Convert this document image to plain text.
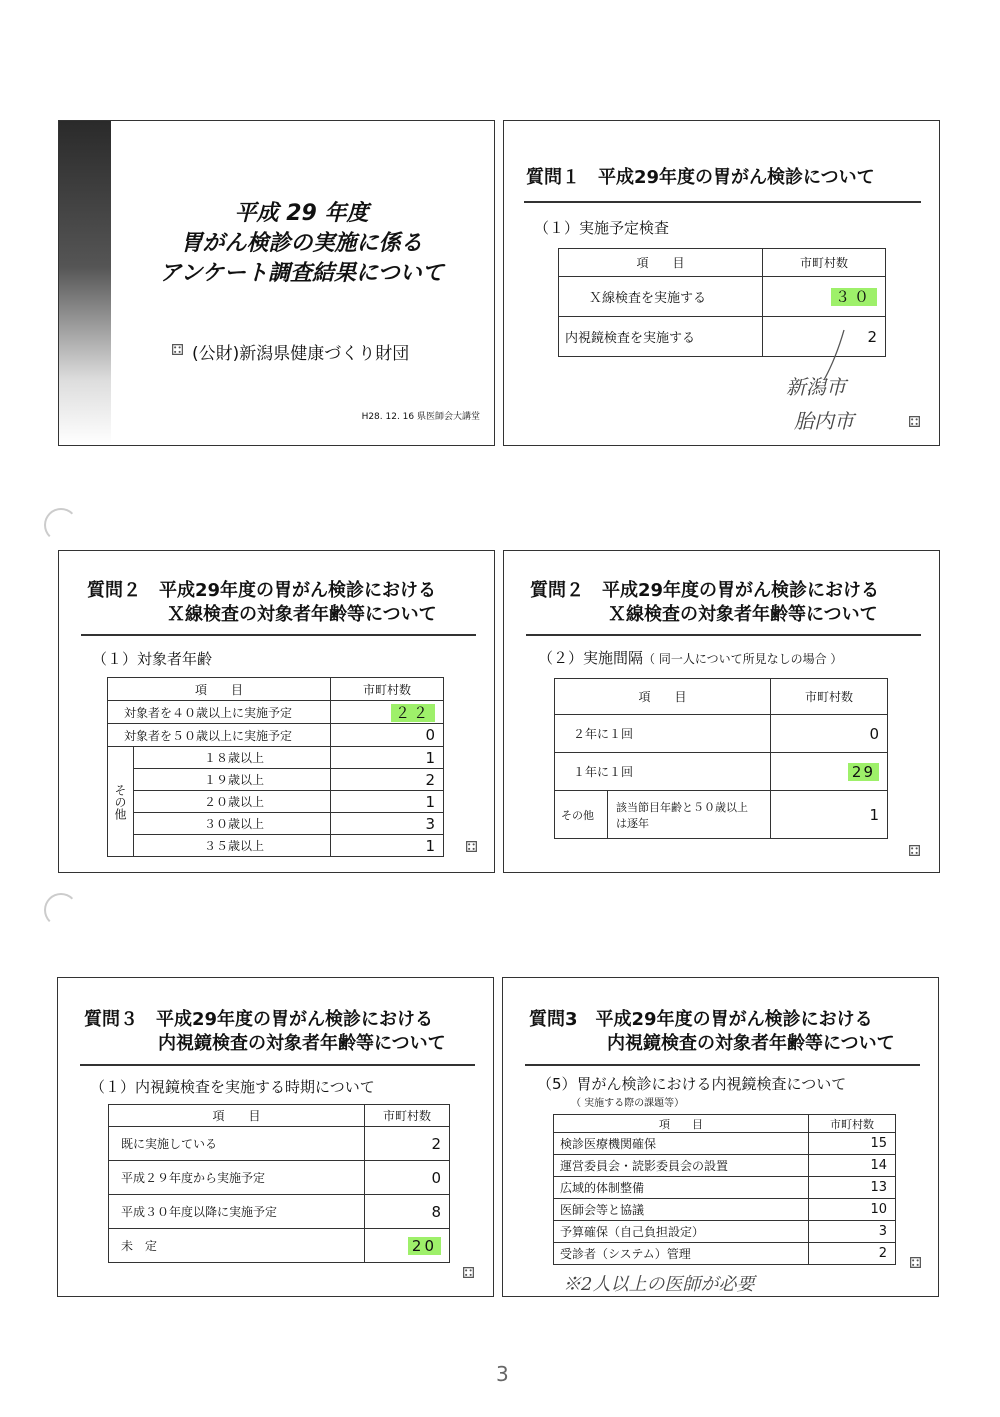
平成 29 年度
胃がん検診の実施に係る
アンケート調査結果について
⚃ (公財)新潟県健康づくり財団
H28. 12. 16 県医師会大講堂
質問１　平成29年度の胃がん検診について
（１）実施予定検査
項　　目	市町村数
Ｘ線検査を実施する	３０
内視鏡検査を実施する	2
新潟市
胎内市	⚃
質問２　平成29年度の胃がん検診における
Ｘ線検査の対象者年齢等について
（１）対象者年齢
項　　目		市町村数
対象者を４０歳以上に実施予定		２２
対象者を５０歳以上に実施予定		0
その他	１８歳以上	1
	１９歳以上	2
	２０歳以上	1
	３０歳以上	3
	３５歳以上	1 ⚃
質問２　平成29年度の胃がん検診における
Ｘ線検査の対象者年齢等について
（２）実施間隔（ 同一人について所見なしの場合 ）
項　　目		市町村数
２年に１回		0
１年に１回		29
その他	該当節目年齢と５０歳以上は逐年	1
⚃
質問３　平成29年度の胃がん検診における
内視鏡検査の対象者年齢等について
（１）内視鏡検査を実施する時期について
項　　目	市町村数
既に実施している	2
平成２９年度から実施予定	0
平成３０年度以降に実施予定	8
未　定	20
⚃
質問3　平成29年度の胃がん検診における
内視鏡検査の対象者年齢等について
（5）胃がん検診における内視鏡検査について
（ 実施する際の課題等）
項　　目	市町村数
検診医療機関確保	15
運営委員会・読影委員会の設置	14
広域的体制整備	13
医師会等と協議	10
予算確保（自己負担設定）	3
受診者（システム）管理	2
※2人以上の医師が必要
⚃
3
